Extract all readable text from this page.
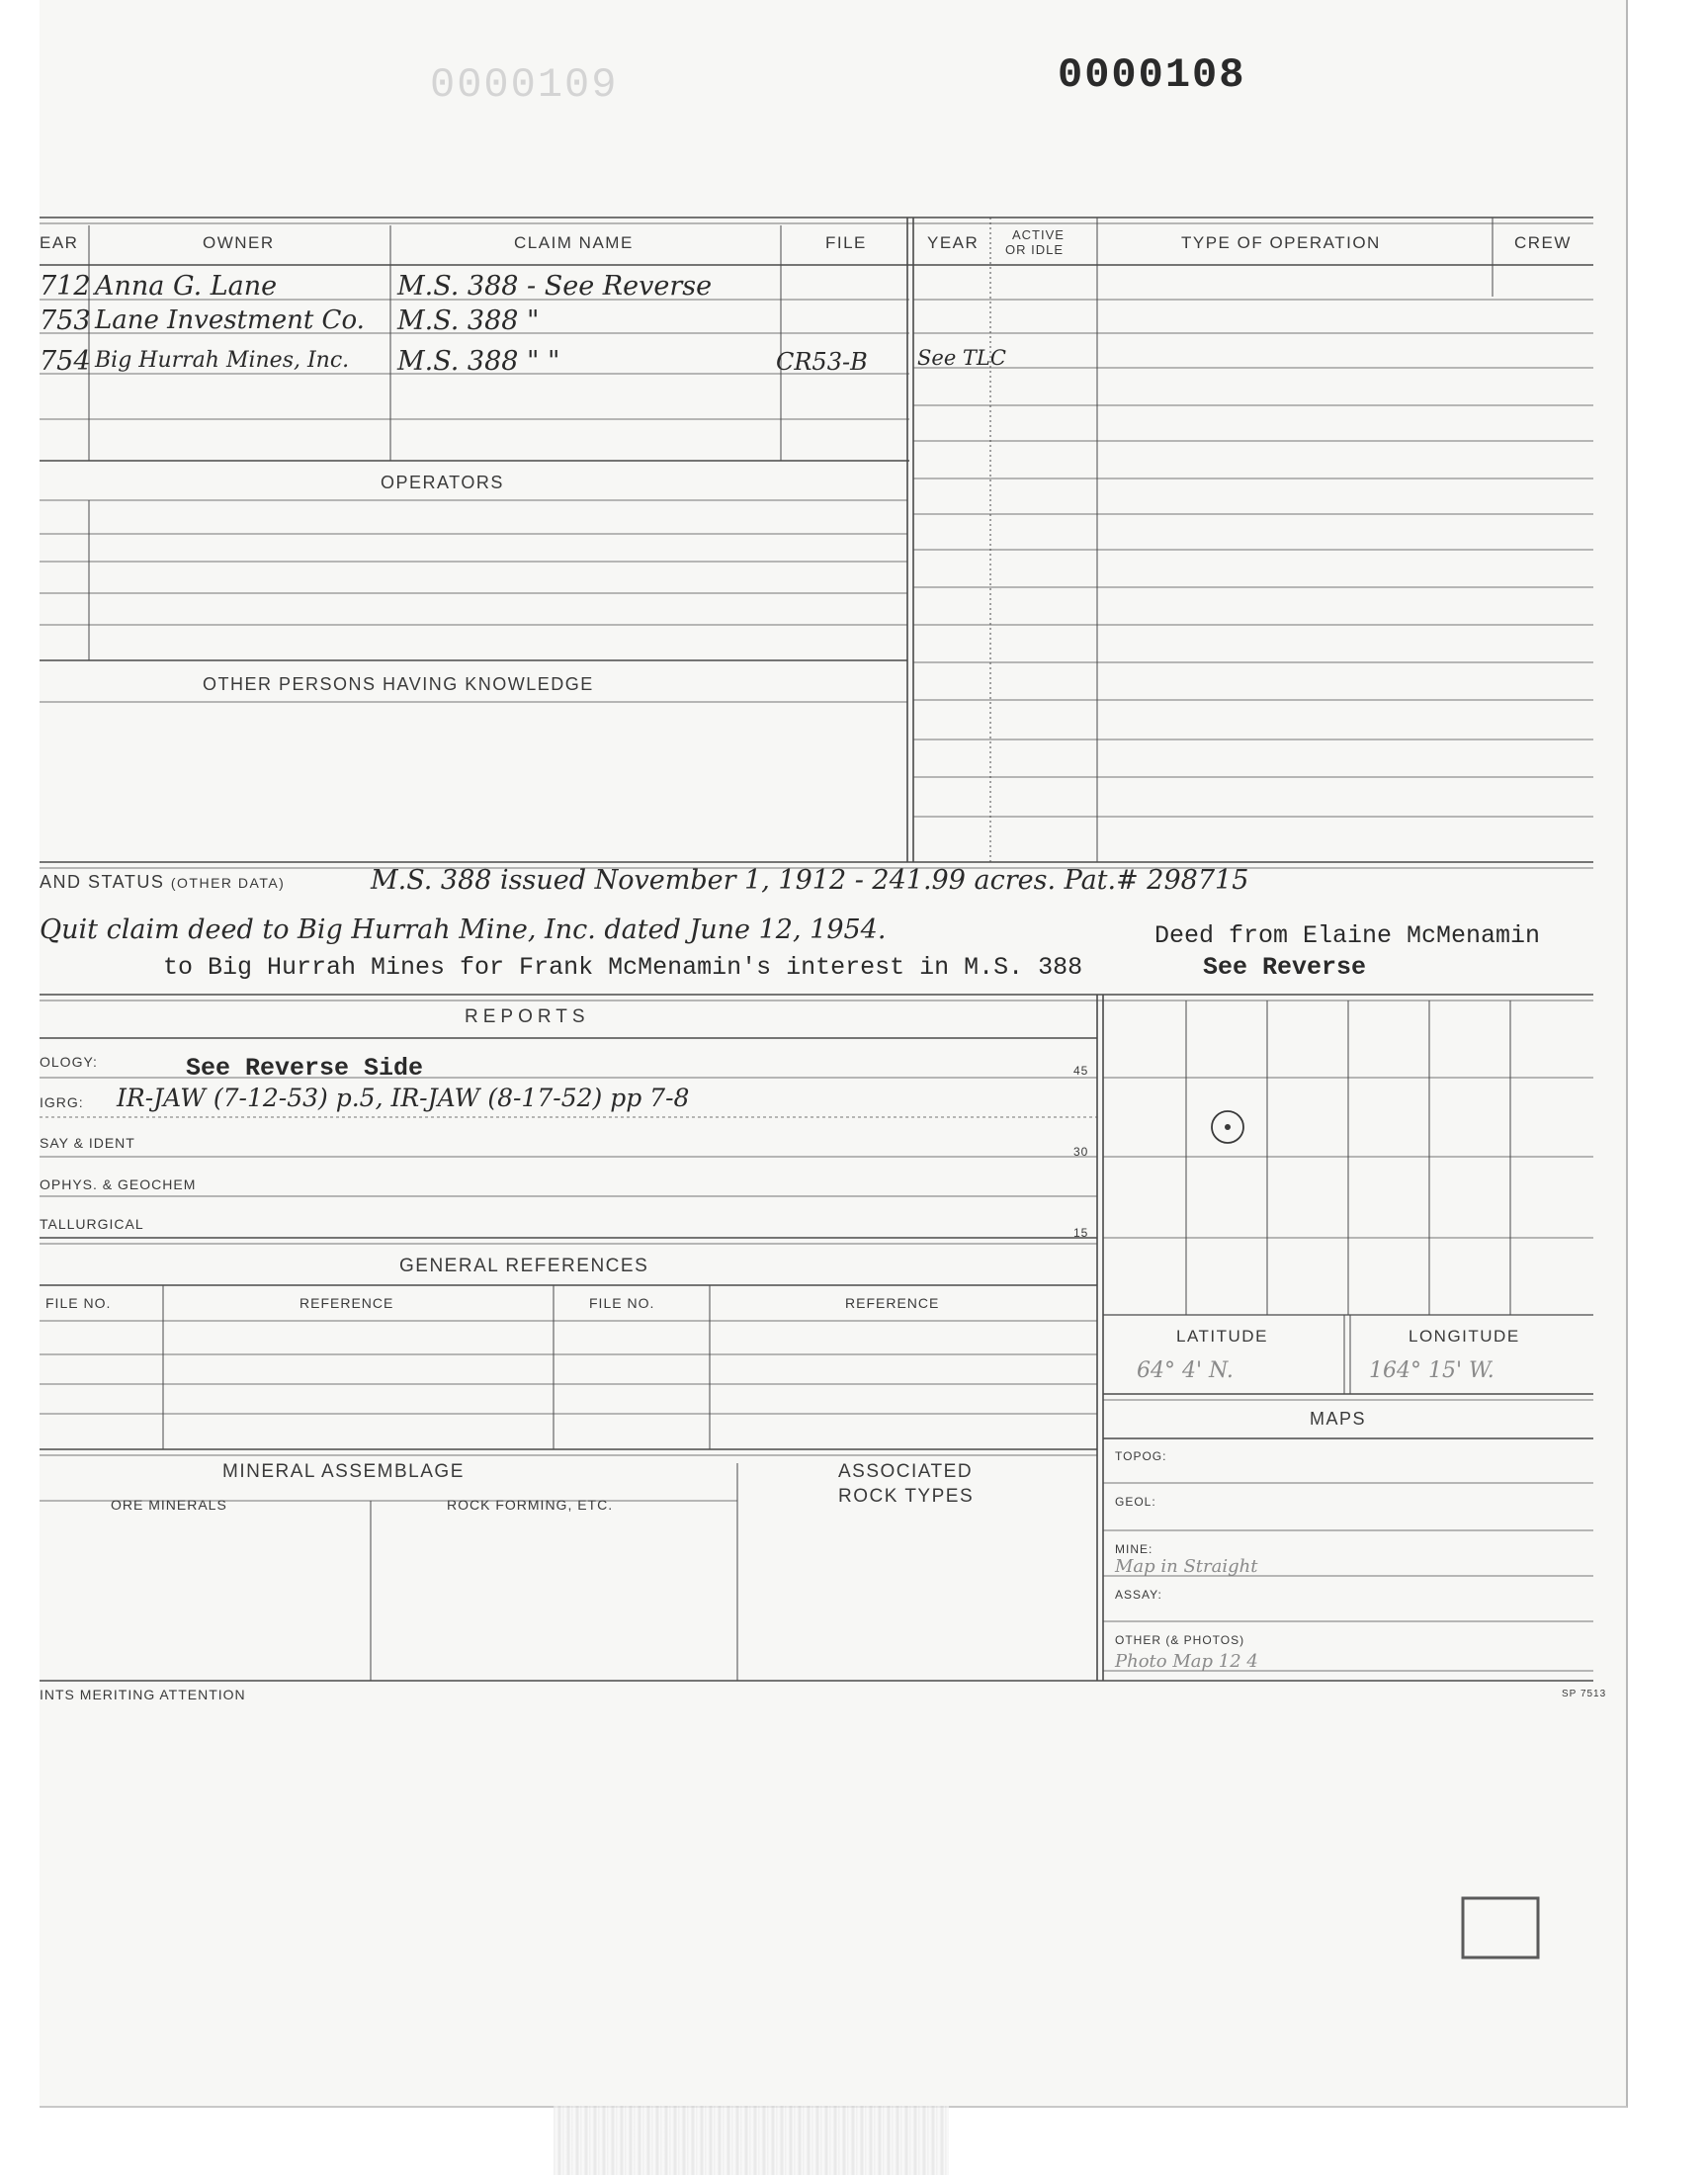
0000109	0000108
EAR	OWNER	CLAIM NAME	FILE	YEAR	ACTIVE
OR IDLE	TYPE OF OPERATION	CREW
712 Anna G. Lane	M.S. 388 - See Reverse
753 Lane Investment Co. M.S. 388 "
754 Big Hurrah Mines, Inc. M.S. 388 " "	CR53-B See TLC
OPERATORS
OTHER PERSONS HAVING KNOWLEDGE
AND STATUS (OTHER DATA)	M.S. 388 issued November 1, 1912 - 241.99 acres. Pat.# 298715
Quit claim deed to Big Hurrah Mine, Inc. dated June 12, 1954.	Deed from Elaine McMenamin
to Big Hurrah Mines for Frank McMenamin's interest in M.S. 388	See Reverse
REPORTS
OLOGY:	See Reverse Side
IGRG: IR-JAW (7-12-53) p.5, IR-JAW (8-17-52) pp 7-8
SAY & IDENT
OPHYS. & GEOCHEM
TALLURGICAL
45
30
15
GENERAL REFERENCES
FILE NO.	REFERENCE	FILE NO.	REFERENCE
LATITUDE	LONGITUDE
64° 4' N.	164° 15' W.
MAPS
TOPOG:
GEOL:
MINE:
Map in Straight
ASSAY:
OTHER (& PHOTOS)
Photo Map 12 4
MINERAL ASSEMBLAGE
ORE MINERALS	ROCK FORMING, ETC.
ASSOCIATED
ROCK TYPES
INTS MERITING ATTENTION	SP 7513
